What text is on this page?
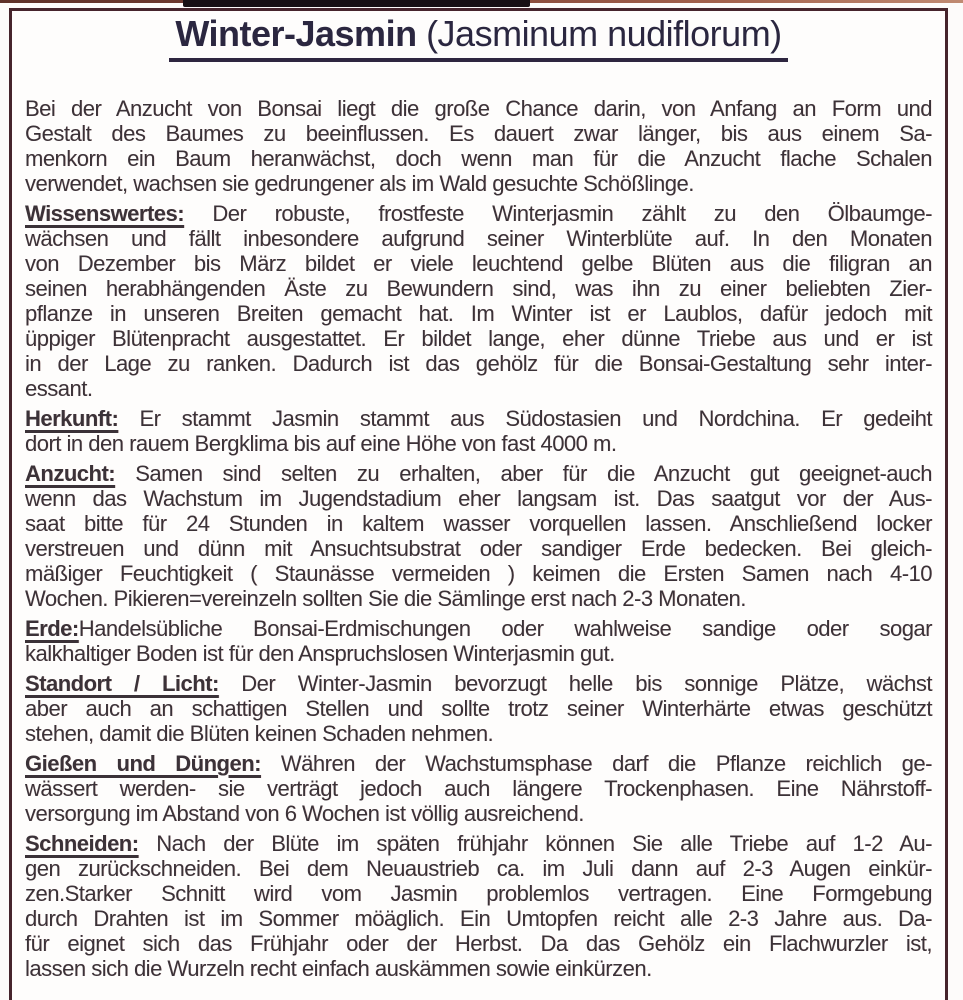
Winter-Jasmin (Jasminum nudiflorum)
Bei der Anzucht von Bonsai liegt die große Chance darin, von Anfang an Form und
Gestalt des Baumes zu beeinflussen. Es dauert zwar länger, bis aus einem Sa-
menkorn ein Baum heranwächst, doch wenn man für die Anzucht flache Schalen
verwendet, wachsen sie gedrungener als im Wald gesuchte Schößlinge.
Wissenswertes: Der robuste, frostfeste Winterjasmin zählt zu den Ölbaumge-
wächsen und fällt inbesondere aufgrund seiner Winterblüte auf. In den Monaten
von Dezember bis März bildet er viele leuchtend gelbe Blüten aus die filigran an
seinen herabhängenden Äste zu Bewundern sind, was ihn zu einer beliebten Zier-
pflanze in unseren Breiten gemacht hat. Im Winter ist er Laublos, dafür jedoch mit
üppiger Blütenpracht ausgestattet. Er bildet lange, eher dünne Triebe aus und er ist
in der Lage zu ranken. Dadurch ist das gehölz für die Bonsai-Gestaltung sehr inter-
essant.
Herkunft: Er stammt Jasmin stammt aus Südostasien und Nordchina. Er gedeiht
dort in den rauem Bergklima bis auf eine Höhe von fast 4000 m.
Anzucht: Samen sind selten zu erhalten, aber für die Anzucht gut geeignet-auch
wenn das Wachstum im Jugendstadium eher langsam ist. Das saatgut vor der Aus-
saat bitte für 24 Stunden in kaltem wasser vorquellen lassen. Anschließend locker
verstreuen und dünn mit Ansuchtsubstrat oder sandiger Erde bedecken. Bei gleich-
mäßiger Feuchtigkeit ( Staunässe vermeiden ) keimen die Ersten Samen nach 4-10
Wochen. Pikieren=vereinzeln sollten Sie die Sämlinge erst nach 2-3 Monaten.
Erde:Handelsübliche Bonsai-Erdmischungen oder wahlweise sandige oder sogar
kalkhaltiger Boden ist für den Anspruchslosen Winterjasmin gut.
Standort / Licht: Der Winter-Jasmin bevorzugt helle bis sonnige Plätze, wächst
aber auch an schattigen Stellen und sollte trotz seiner Winterhärte etwas geschützt
stehen, damit die Blüten keinen Schaden nehmen.
Gießen und Düngen: Währen der Wachstumsphase darf die Pflanze reichlich ge-
wässert werden- sie verträgt jedoch auch längere Trockenphasen. Eine Nährstoff-
versorgung im Abstand von 6 Wochen ist völlig ausreichend.
Schneiden: Nach der Blüte im späten frühjahr können Sie alle Triebe auf 1-2 Au-
gen zurückschneiden. Bei dem Neuaustrieb ca. im Juli dann auf 2-3 Augen einkür-
zen.Starker Schnitt wird vom Jasmin problemlos vertragen. Eine Formgebung
durch Drahten ist im Sommer möäglich. Ein Umtopfen reicht alle 2-3 Jahre aus. Da-
für eignet sich das Frühjahr oder der Herbst. Da das Gehölz ein Flachwurzler ist,
lassen sich die Wurzeln recht einfach auskämmen sowie einkürzen.
